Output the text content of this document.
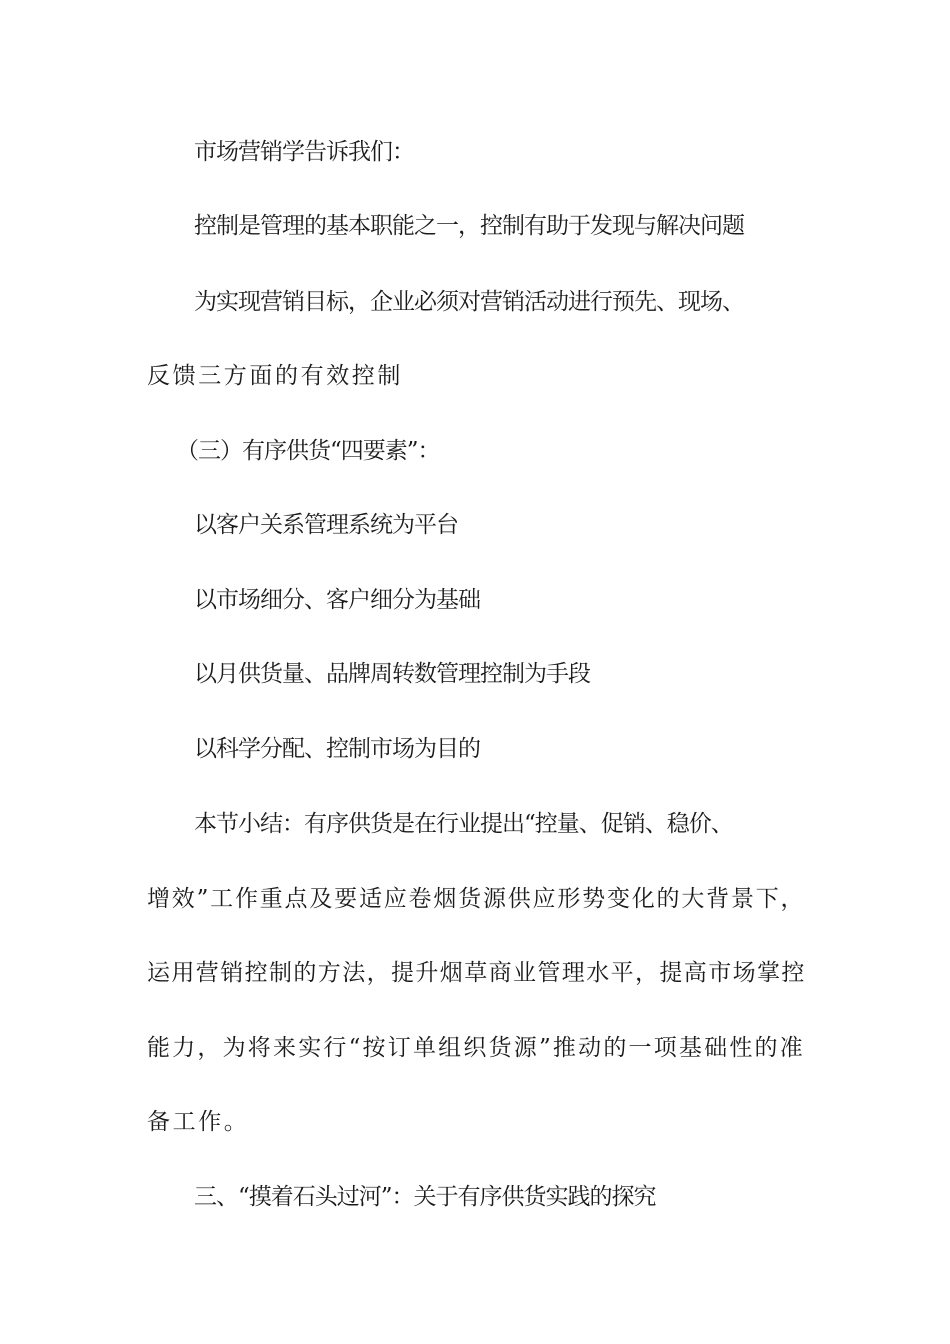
市场营销学告诉我们：

控制是管理的基本职能之一，控制有助于发现与解决问题

为实现营销目标，企业必须对营销活动进行预先、现场、

反馈三方面的有效控制

（三）有序供货“四要素”：

以客户关系管理系统为平台

以市场细分、客户细分为基础

以月供货量、品牌周转数管理控制为手段

以科学分配、控制市场为目的

本节小结：有序供货是在行业提出“控量、促销、稳价、

增效”工作重点及要适应卷烟货源供应形势变化的大背景下，

运用营销控制的方法，提升烟草商业管理水平，提高市场掌控

能力，为将来实行“按订单组织货源”推动的一项基础性的准

备工作。

三、“摸着石头过河”：关于有序供货实践的探究
